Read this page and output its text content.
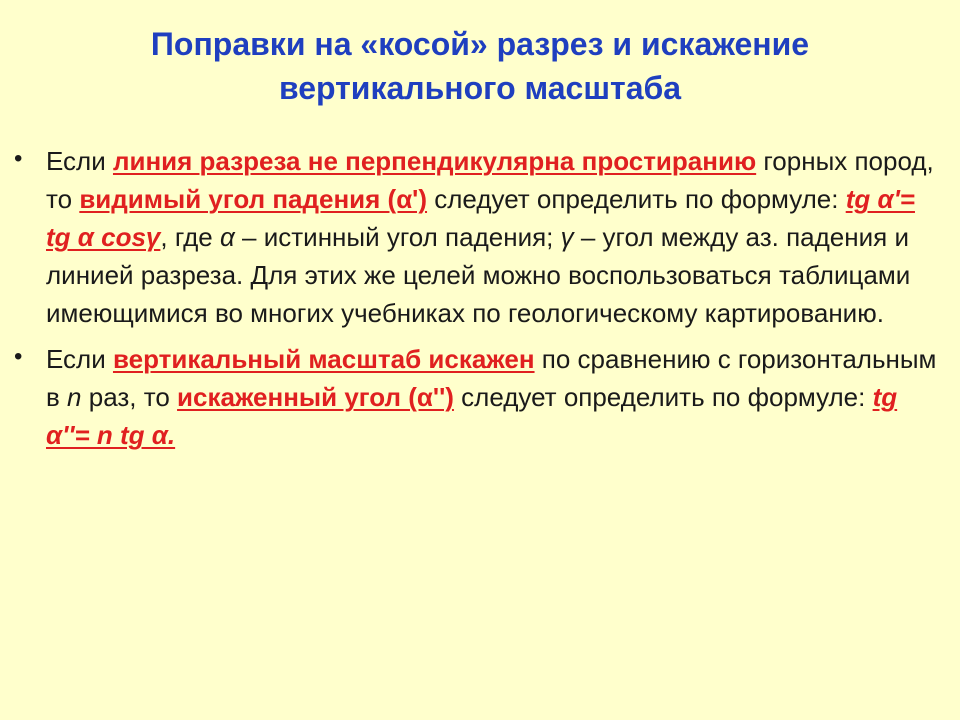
Поправки на «косой» разрез и искажение
вертикального масштаба
• Если линия разреза не перпендикулярна простиранию горных пород, то видимый угол падения (α') следует определить по формуле: tg α'= tg α cosγ, где α – истинный угол падения; γ – угол между аз. падения и линией разреза. Для этих же целей можно воспользоваться таблицами имеющимися во многих учебниках по геологическому картированию.
• Если вертикальный масштаб искажен по сравнению с горизонтальным в n раз, то искаженный угол (α'') следует определить по формуле: tg α''= n tg α.
